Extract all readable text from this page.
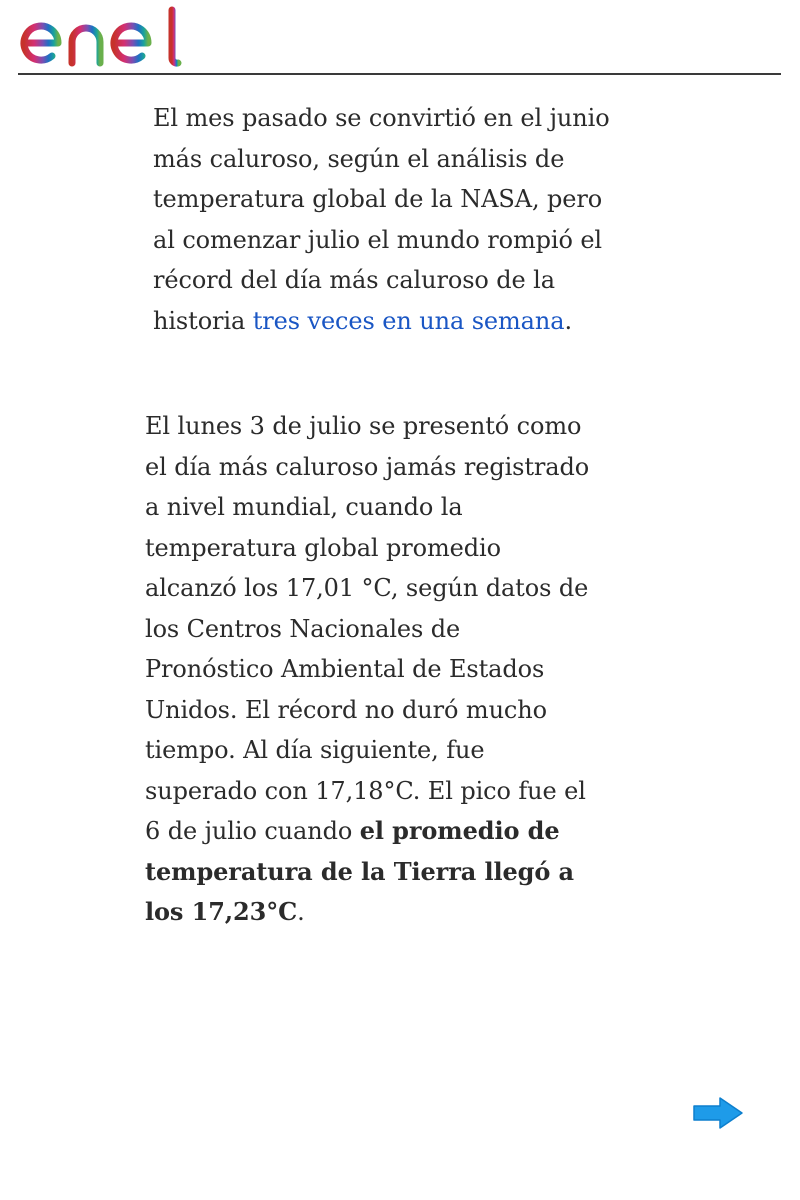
El mes pasado se convirtió en el junio más caluroso, según el análisis de temperatura global de la NASA, pero al comenzar julio el mundo rompió el récord del día más caluroso de la historia tres veces en una semana.

El lunes 3 de julio se presentó como el día más caluroso jamás registrado a nivel mundial, cuando la temperatura global promedio alcanzó los 17,01 °C, según datos de los Centros Nacionales de Pronóstico Ambiental de Estados Unidos. El récord no duró mucho tiempo. Al día siguiente, fue superado con 17,18°C. El pico fue el 6 de julio cuando el promedio de temperatura de la Tierra llegó a los 17,23°C.
